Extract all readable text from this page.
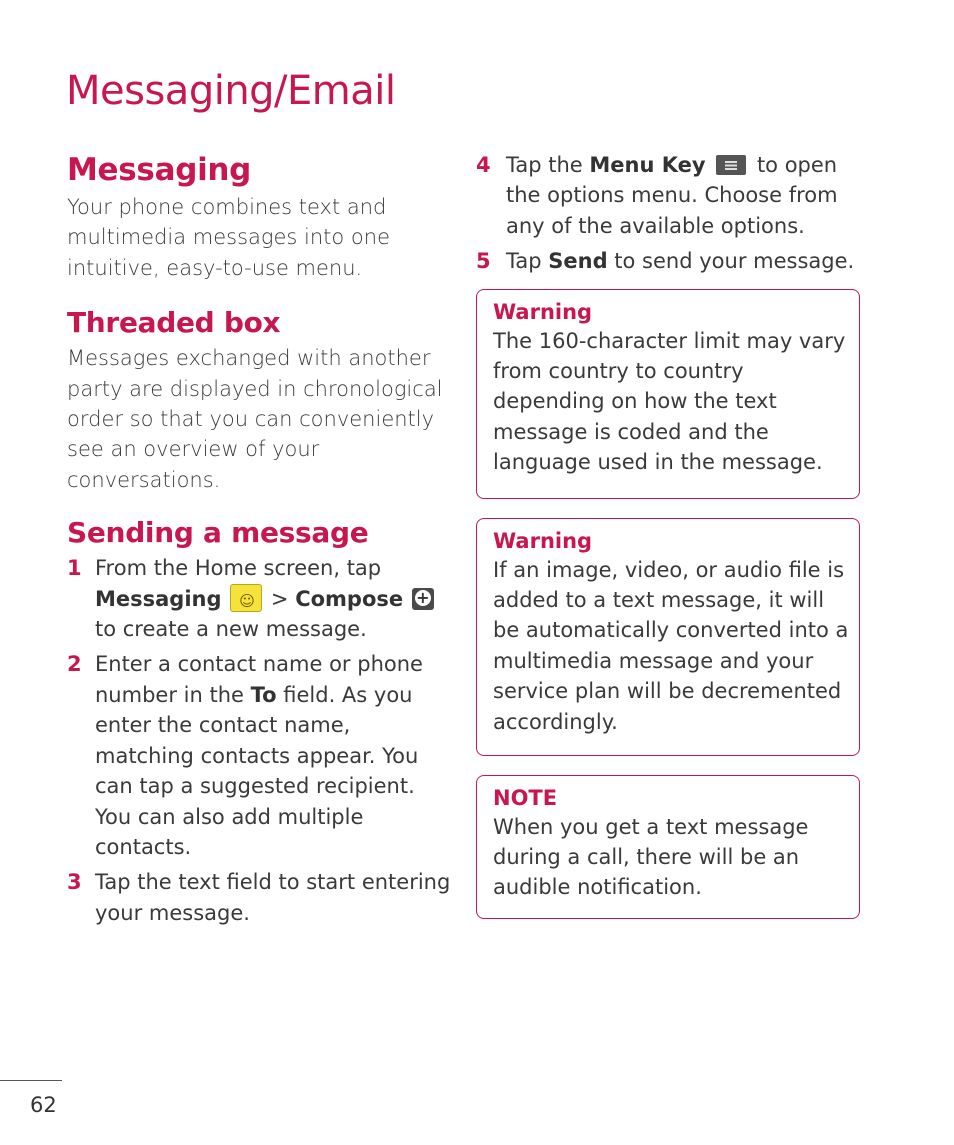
Messaging/Email
Messaging

Your phone combines text and multimedia messages into one intuitive, easy-to-use menu.

Threaded box

Messages exchanged with another party are displayed in chronological order so that you can conveniently see an overview of your conversations.

Sending a message
1 From the Home screen, tap Messaging ☺ > Compose + to create a new message.
2 Enter a contact name or phone number in the To field. As you enter the contact name, matching contacts appear. You can tap a suggested recipient. You can also add multiple contacts.
3 Tap the text field to start entering your message.
4 Tap the Menu Key to open the options menu. Choose from any of the available options.
5 Tap Send to send your message.
Warning

The 160-character limit may vary from country to country depending on how the text message is coded and the language used in the message.

Warning

If an image, video, or audio file is added to a text message, it will be automatically converted into a multimedia message and your service plan will be decremented accordingly.

NOTE

When you get a text message during a call, there will be an audible notification.

62
